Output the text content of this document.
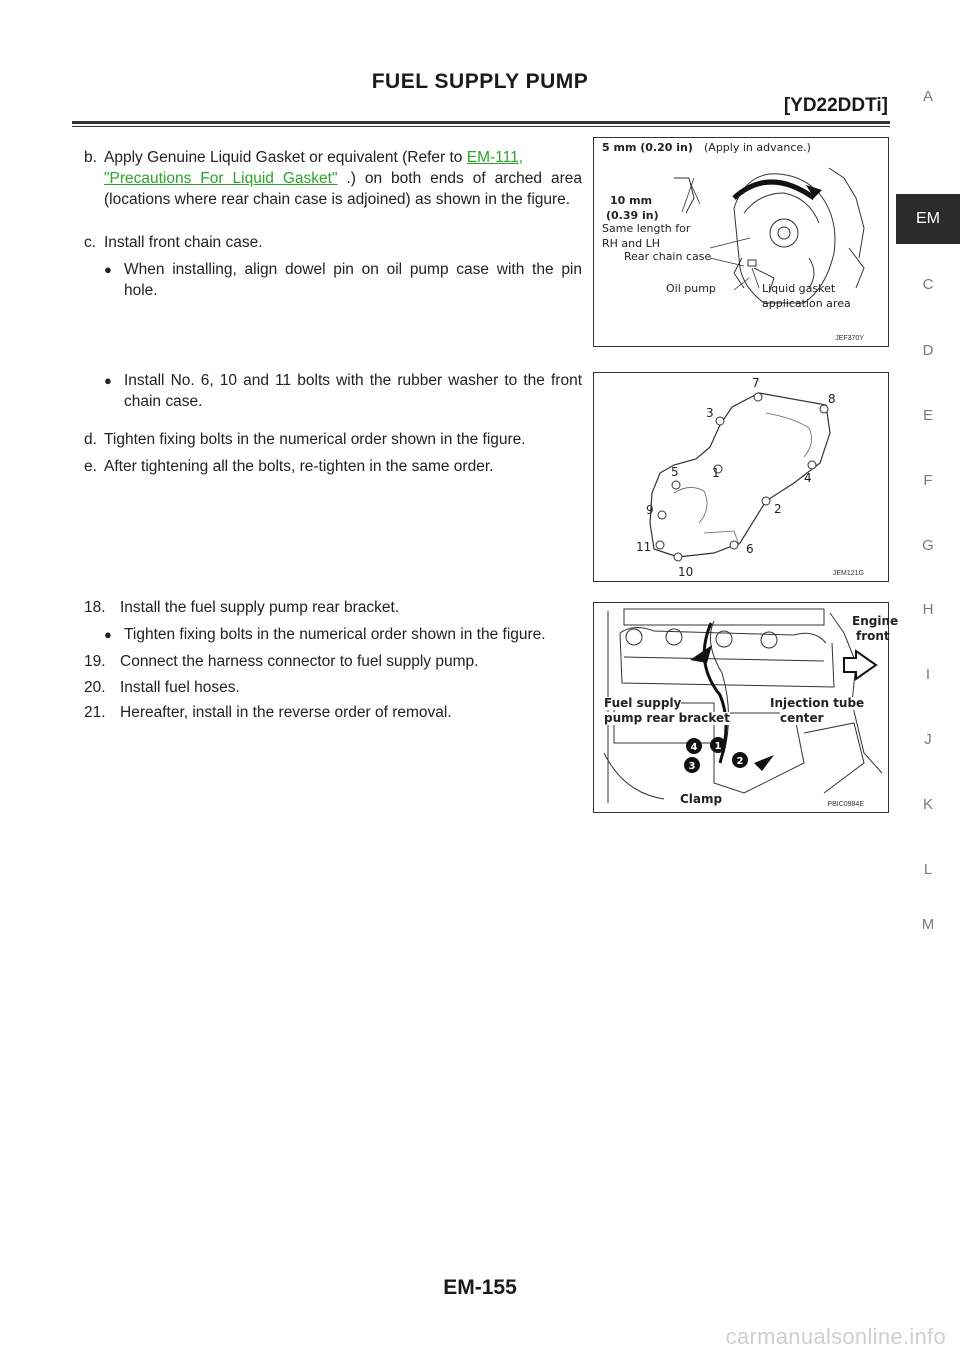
FUEL SUPPLY PUMP
[YD22DDTi]	A
EM
C
D
E
F
G
H
I
J
K
L
M
b. Apply Genuine Liquid Gasket or equivalent (Refer to EM-111,
"Precautions For Liquid Gasket" .) on both ends of arched area (locations where rear chain case is adjoined) as shown in the figure.
c. Install front chain case.
● When installing, align dowel pin on oil pump case with the pin hole.
● Install No. 6, 10 and 11 bolts with the rubber washer to the front chain case.
d. Tighten fixing bolts in the numerical order shown in the figure.
e. After tightening all the bolts, re-tighten in the same order.
18. Install the fuel supply pump rear bracket.
● Tighten fixing bolts in the numerical order shown in the figure.
19. Connect the harness connector to fuel supply pump.
20. Install fuel hoses.
21. Hereafter, install in the reverse order of removal.
5 mm (0.20 in) (Apply in advance.)
10 mm
(0.39 in)
Same length for
RH and LH
Rear chain case
Oil pump	Liquid gasket
application area
JEF370Y
1
2
3
4
5
6
7
8
9
10
11
JEM121G
1
2
3
4
Engine
front
Fuel supply
pump rear bracket
Injection tube
center
Clamp	PBIC0984E
EM-155
carmanualsonline.info
